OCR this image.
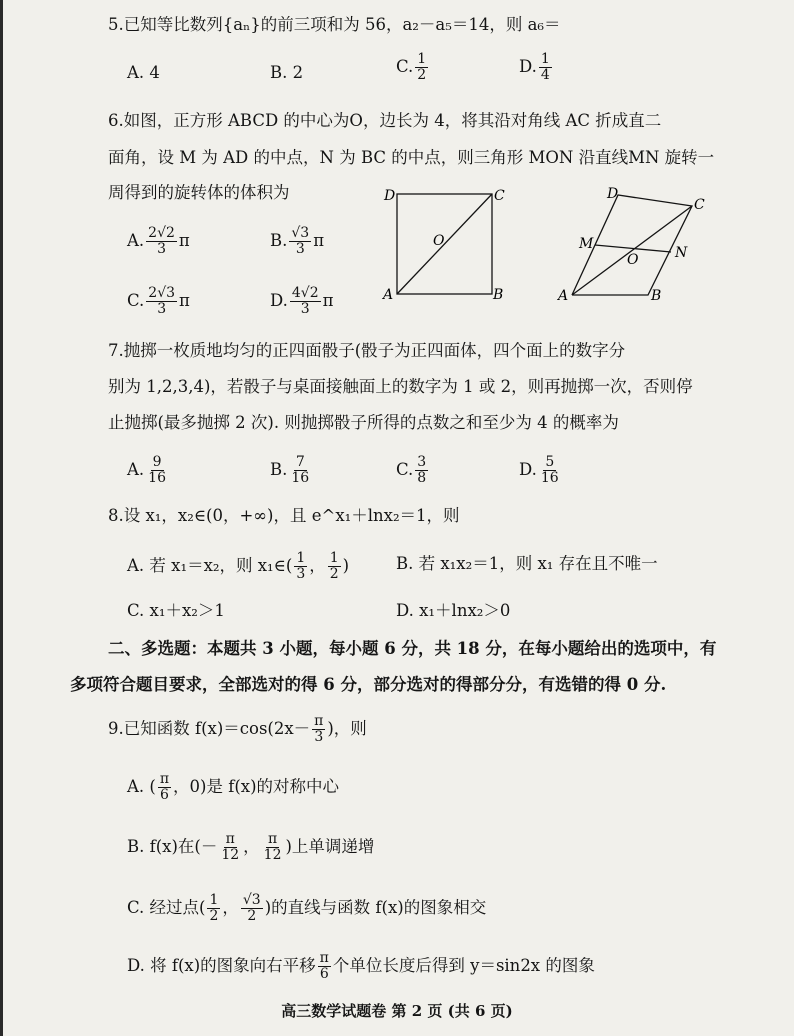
5.已知等比数列{aₙ}的前三项和为 56，a₂－a₅＝14，则 a₆＝
A. 4	B. 2	C. $\frac{1}{2}$	D. $\frac{1}{4}$
6.如图，正方形 ABCD 的中心为O，边长为 4，将其沿对角线 AC 折成直二
面角，设 M 为 AD 的中点，N 为 BC 的中点，则三角形 MON 沿直线MN 旋转一
周得到的旋转体的体积为
A. $\frac{2√2}{3}$ π	B. $\frac{√3}{3}$ π
C. $\frac{2√3}{3}$ π	D. $\frac{4√2}{3}$ π
D	C
O
A	B
D
C
M
O	N
A	B
7.抛掷一枚质地均匀的正四面骰子(骰子为正四面体，四个面上的数字分
别为 1,2,3,4)，若骰子与桌面接触面上的数字为 1 或 2，则再抛掷一次，否则停
止抛掷(最多抛掷 2 次). 则抛掷骰子所得的点数之和至少为 4 的概率为
A. $\frac{9}{16}$	B. $\frac{7}{16}$	C. $\frac{3}{8}$	D. $\frac{5}{16}$
8.设 x₁，x₂∈(0，+∞)，且 e^x₁＋lnx₂＝1，则
A. 若 x₁＝x₂，则 x₁∈( $\frac{1}{3}$ ， $\frac{1}{2}$ )	B. 若 x₁x₂＝1，则 x₁ 存在且不唯一
C. x₁＋x₂＞1	D. x₁＋lnx₂＞0
二、多选题：本题共 3 小题，每小题 6 分，共 18 分，在每小题给出的选项中，有
多项符合题目要求，全部选对的得 6 分，部分选对的得部分分，有选错的得 0 分.
9.已知函数 $f(x)=\cos(2x- \frac{\pi}{3}$ )，则
A. ( $\frac{\pi}{6}$ ，0)是 f(x)的对称中心
B. f(x)在(－ $\frac{\pi}{12}$ ， $\frac{\pi}{12}$ )上单调递增
C. 经过点( $\frac{1}{2}$ ， $\frac{√3}{2}$ )的直线与函数 f(x)的图象相交
D. 将 f(x)的图象向右平移 $\frac{\pi}{6}$ 个单位长度后得到 y＝sin2x 的图象
高三数学试题卷 第 2 页 (共 6 页)
